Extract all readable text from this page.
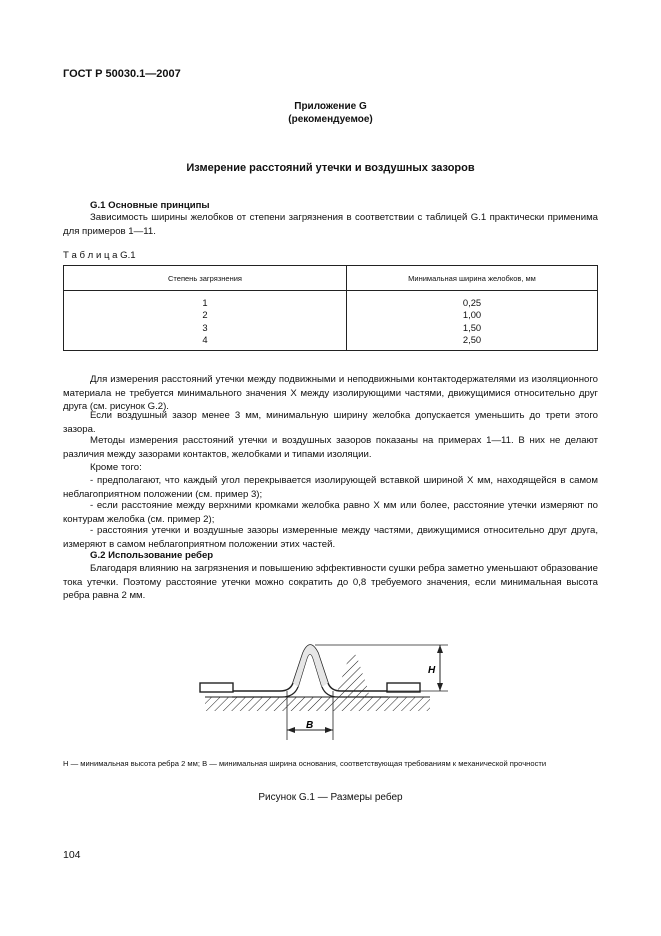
ГОСТ Р 50030.1—2007
Приложение G
(рекомендуемое)
Измерение расстояний утечки и воздушных зазоров
G.1 Основные принципы
Зависимость ширины желобков от степени загрязнения в соответствии с таблицей G.1 практически применима для примеров 1—11.
Т а б л и ц а G.1
Степень загрязнения	Минимальная ширина желобков, мм
1	0,25
2	1,00
3	1,50
4	2,50
Для измерения расстояний утечки между подвижными и неподвижными контактодержателями из изоляционного материала не требуется минимального значения X между изолирующими частями, движущимися относительно друг друга (см. рисунок G.2).
Если воздушный зазор менее 3 мм, минимальную ширину желобка допускается уменьшить до трети этого зазора.
Методы измерения расстояний утечки и воздушных зазоров показаны на примерах 1—11. В них не делают различия между зазорами контактов, желобками и типами изоляции.
Кроме того:
- предполагают, что каждый угол перекрывается изолирующей вставкой шириной X мм, находящейся в самом неблагоприятном положении (см. пример 3);
- если расстояние между верхними кромками желобка равно X мм или более, расстояние утечки измеряют по контурам желобка (см. пример 2);
- расстояния утечки и воздушные зазоры измеренные между частями, движущимися относительно друг друга, измеряют в самом неблагоприятном положении этих частей.
G.2 Использование ребер
Благодаря влиянию на загрязнения и повышению эффективности сушки ребра заметно уменьшают образование тока утечки. Поэтому расстояние утечки можно сократить до 0,8 требуемого значения, если минимальная высота ребра равна 2 мм.
H
B
H — минимальная высота ребра 2 мм; B — минимальная ширина основания, соответствующая требованиям к механической прочности
Рисунок G.1 — Размеры ребер
104
